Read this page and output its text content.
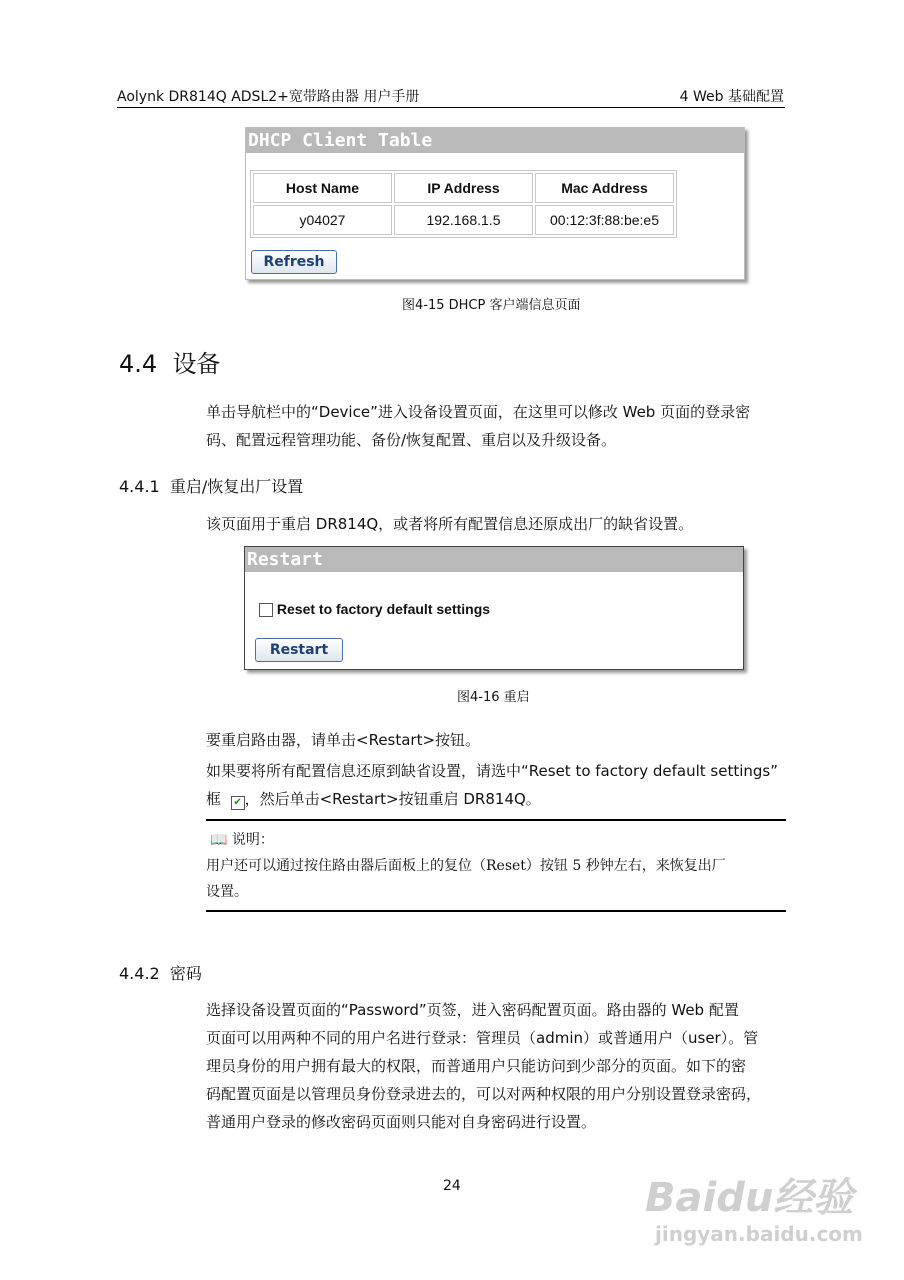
Aolynk DR814Q ADSL2+宽带路由器 用户手册	4 Web 基础配置
DHCP Client Table
Host Name	IP Address	Mac Address
y04027	192.168.1.5	00:12:3f:88:be:e5
Refresh
图4-15 DHCP 客户端信息页面
4.4 设备
单击导航栏中的“Device”进入设备设置页面，在这里可以修改 Web 页面的登录密
码、配置远程管理功能、备份/恢复配置、重启以及升级设备。
4.4.1 重启/恢复出厂设置
该页面用于重启 DR814Q，或者将所有配置信息还原成出厂的缺省设置。
Restart
Reset to factory default settings
Restart
图4-16 重启
要重启路由器，请单击<Restart>按钮。
如果要将所有配置信息还原到缺省设置，请选中“Reset to factory default settings”
框 ✔ ，然后单击<Restart>按钮重启 DR814Q。
📖 说明：
用户还可以通过按住路由器后面板上的复位（Reset）按钮 5 秒钟左右，来恢复出厂
设置。
4.4.2 密码
选择设备设置页面的“Password”页签，进入密码配置页面。路由器的 Web 配置
页面可以用两种不同的用户名进行登录：管理员（admin）或普通用户（user）。管
理员身份的用户拥有最大的权限，而普通用户只能访问到少部分的页面。如下的密
码配置页面是以管理员身份登录进去的，可以对两种权限的用户分别设置登录密码，
普通用户登录的修改密码页面则只能对自身密码进行设置。
24	Baidu经验
jingyan.baidu.com
